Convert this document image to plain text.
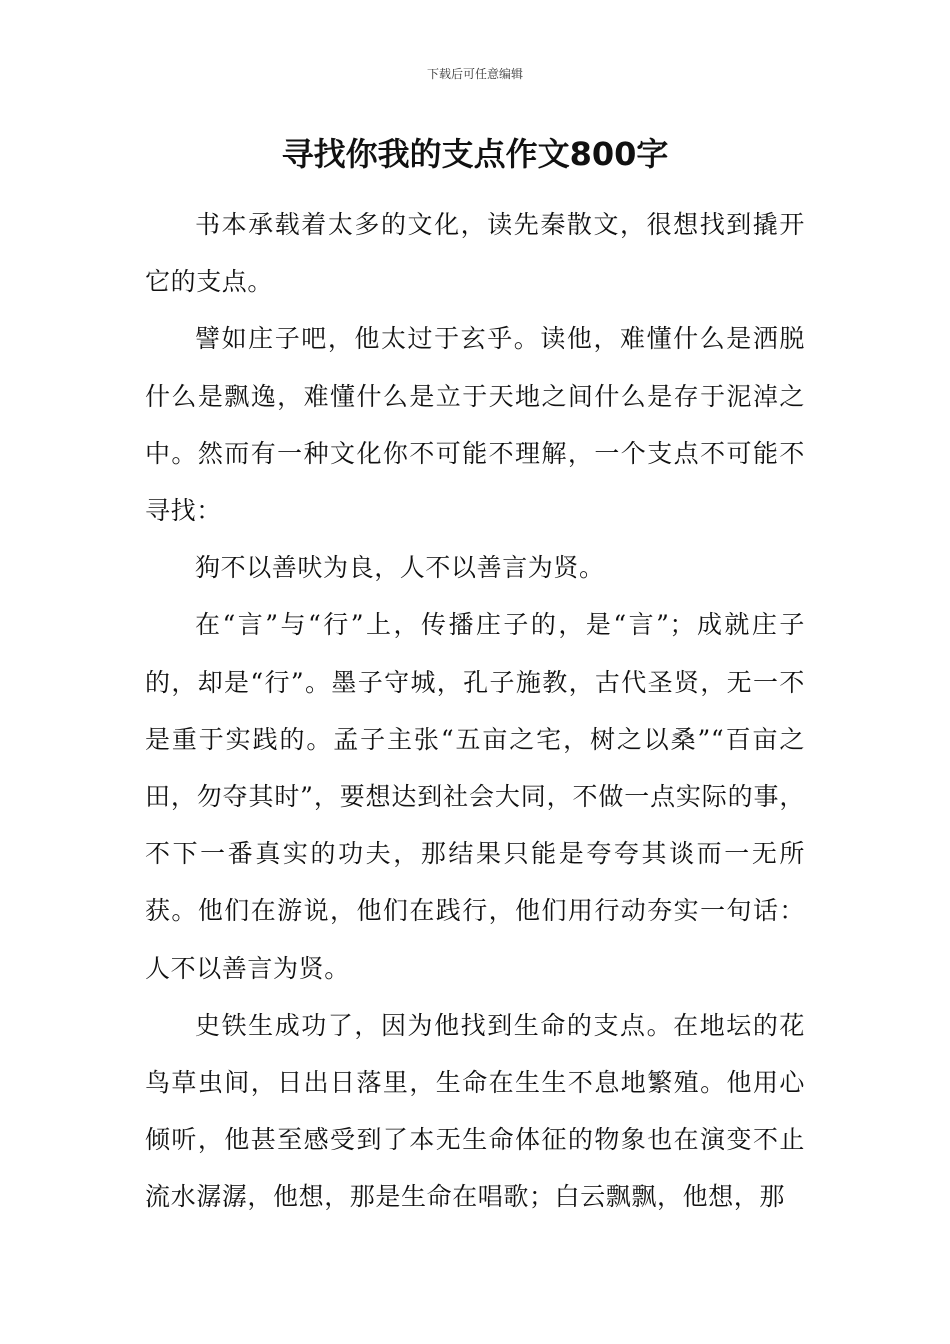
下载后可任意编辑
寻找你我的支点作文800字

书本承载着太多的文化，读先秦散文，很想找到撬开它的支点。

譬如庄子吧，他太过于玄乎。读他，难懂什么是洒脱什么是飘逸，难懂什么是立于天地之间什么是存于泥淖之中。然而有一种文化你不可能不理解，一个支点不可能不寻找：

狗不以善吠为良，人不以善言为贤。

在“言”与“行”上，传播庄子的，是“言”；成就庄子的，却是“行”。墨子守城，孔子施教，古代圣贤，无一不是重于实践的。孟子主张“五亩之宅，树之以桑”“百亩之田，勿夺其时”，要想达到社会大同，不做一点实际的事，不下一番真实的功夫，那结果只能是夸夸其谈而一无所获。他们在游说，他们在践行，他们用行动夯实一句话：人不以善言为贤。

史铁生成功了，因为他找到生命的支点。在地坛的花鸟草虫间，日出日落里，生命在生生不息地繁殖。他用心倾听，他甚至感受到了本无生命体征的物象也在演变不止流水潺潺，他想，那是生命在唱歌；白云飘飘，他想，那
